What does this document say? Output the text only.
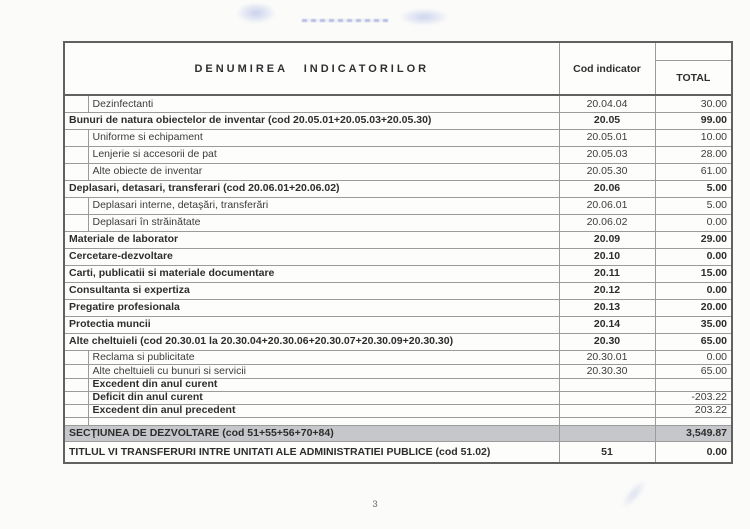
DENUMIREA INDICATORILOR		Cod indicator	TOTAL

	Dezinfectanti	20.04.04	30.00
Bunuri de natura obiectelor de inventar (cod 20.05.01+20.05.03+20.05.30)		20.05	99.00
	Uniforme si echipament	20.05.01	10.00
	Lenjerie si accesorii de pat	20.05.03	28.00
	Alte obiecte de inventar	20.05.30	61.00
Deplasari, detasari, transferari (cod 20.06.01+20.06.02)		20.06	5.00
	Deplasari interne, detaşări, transferări	20.06.01	5.00
	Deplasari în străinătate	20.06.02	0.00
Materiale de laborator		20.09	29.00
Cercetare-dezvoltare		20.10	0.00
Carti, publicatii si materiale documentare		20.11	15.00
Consultanta si expertiza		20.12	0.00
Pregatire profesionala		20.13	20.00
Protectia muncii		20.14	35.00
Alte cheltuieli (cod 20.30.01 la 20.30.04+20.30.06+20.30.07+20.30.09+20.30.30)		20.30	65.00
	Reclama si publicitate	20.30.01	0.00
	Alte cheltuieli cu bunuri si servicii	20.30.30	65.00
	Excedent din anul curent		
	Deficit din anul curent		-203.22
	Excedent din anul precedent		203.22

SECŢIUNEA DE DEZVOLTARE (cod 51+55+56+70+84)			3,549.87
TITLUL VI TRANSFERURI INTRE UNITATI ALE ADMINISTRATIEI PUBLICE (cod 51.02)		51	0.00
3
